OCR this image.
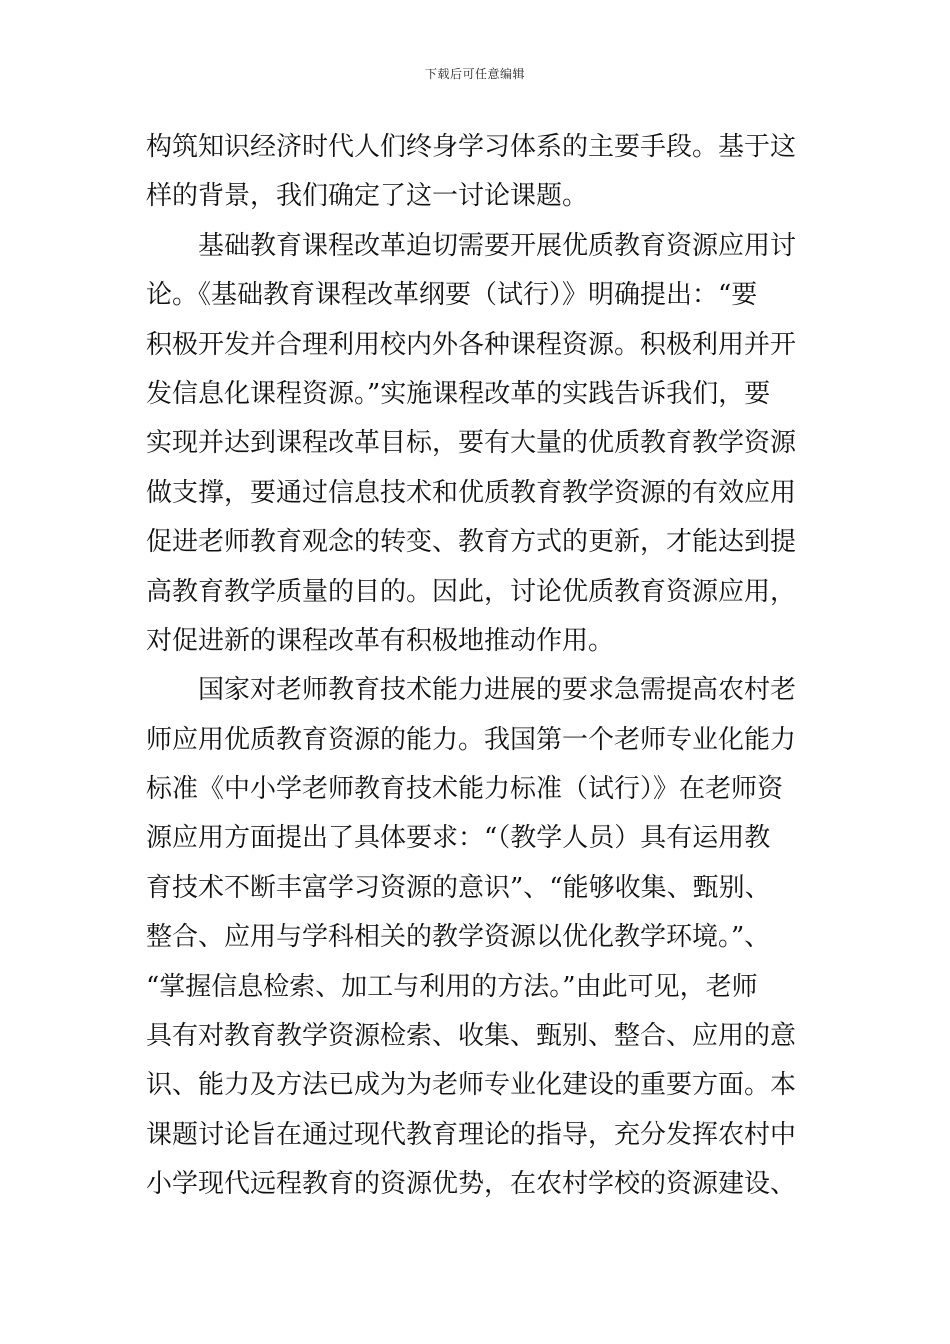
下载后可任意编辑

构筑知识经济时代人们终身学习体系的主要手段。基于这
样的背景，我们确定了这一讨论课题。

基础教育课程改革迫切需要开展优质教育资源应用讨
论。《基础教育课程改革纲要（试行）》明确提出：“要
积极开发并合理利用校内外各种课程资源。积极利用并开
发信息化课程资源。”实施课程改革的实践告诉我们，要
实现并达到课程改革目标，要有大量的优质教育教学资源
做支撑，要通过信息技术和优质教育教学资源的有效应用
促进老师教育观念的转变、教育方式的更新，才能达到提
高教育教学质量的目的。因此，讨论优质教育资源应用，
对促进新的课程改革有积极地推动作用。

国家对老师教育技术能力进展的要求急需提高农村老
师应用优质教育资源的能力。我国第一个老师专业化能力
标准《中小学老师教育技术能力标准（试行）》在老师资
源应用方面提出了具体要求：“（教学人员）具有运用教
育技术不断丰富学习资源的意识”、“能够收集、甄别、
整合、应用与学科相关的教学资源以优化教学环境。”、
“掌握信息检索、加工与利用的方法。”由此可见，老师
具有对教育教学资源检索、收集、甄别、整合、应用的意
识、能力及方法已成为为老师专业化建设的重要方面。本
课题讨论旨在通过现代教育理论的指导，充分发挥农村中
小学现代远程教育的资源优势，在农村学校的资源建设、
